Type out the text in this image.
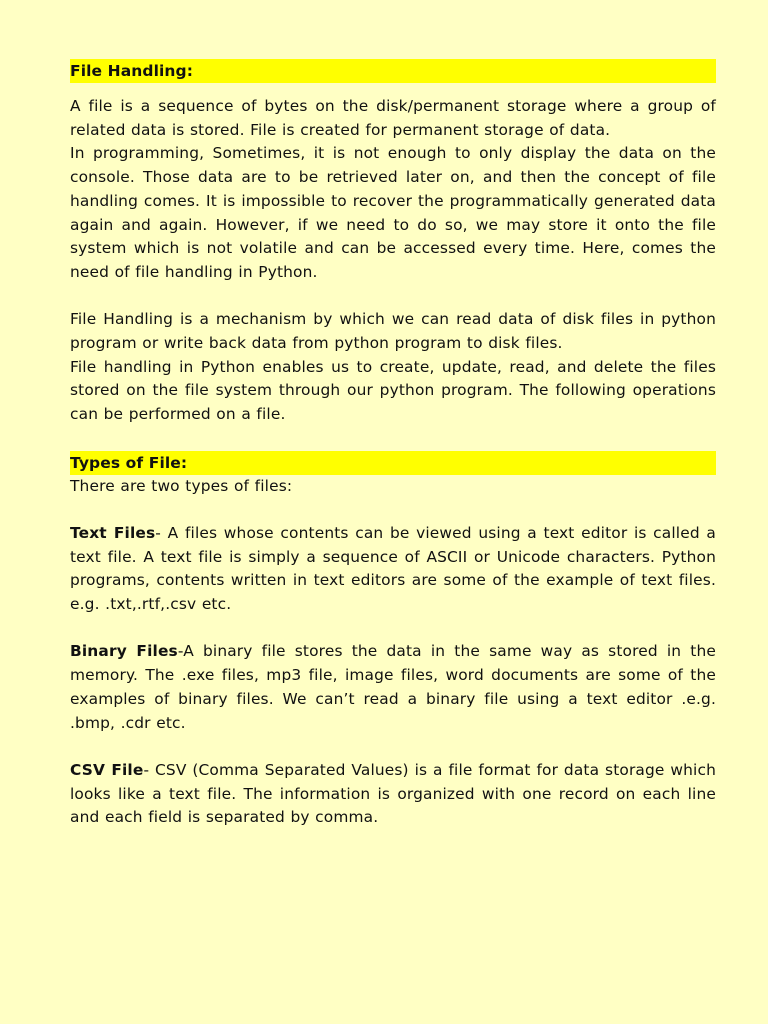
File Handling:

A file is a sequence of bytes on the disk/permanent storage where a group of related data is stored. File is created for permanent storage of data.

In programming, Sometimes, it is not enough to only display the data on the console. Those data are to be retrieved later on, and then the concept of file handling comes. It is impossible to recover the programmatically generated data again and again. However, if we need to do so, we may store it onto the file system which is not volatile and can be accessed every time. Here, comes the need of file handling in Python.

File Handling is a mechanism by which we can read data of disk files in python program or write back data from python program to disk files.

File handling in Python enables us to create, update, read, and delete the files stored on the file system through our python program. The following operations can be performed on a file.

Types of File:

There are two types of files:

Text Files- A files whose contents can be viewed using a text editor is called a text file. A text file is simply a sequence of ASCII or Unicode characters. Python programs, contents written in text editors are some of the example of text files. e.g. .txt,.rtf,.csv etc.

Binary Files-A binary file stores the data in the same way as stored in the memory. The .exe files, mp3 file, image files, word documents are some of the examples of binary files. We can’t read a binary file using a text editor .e.g. .bmp, .cdr etc.

CSV File- CSV (Comma Separated Values) is a file format for data storage which looks like a text file. The information is organized with one record on each line and each field is separated by comma.
